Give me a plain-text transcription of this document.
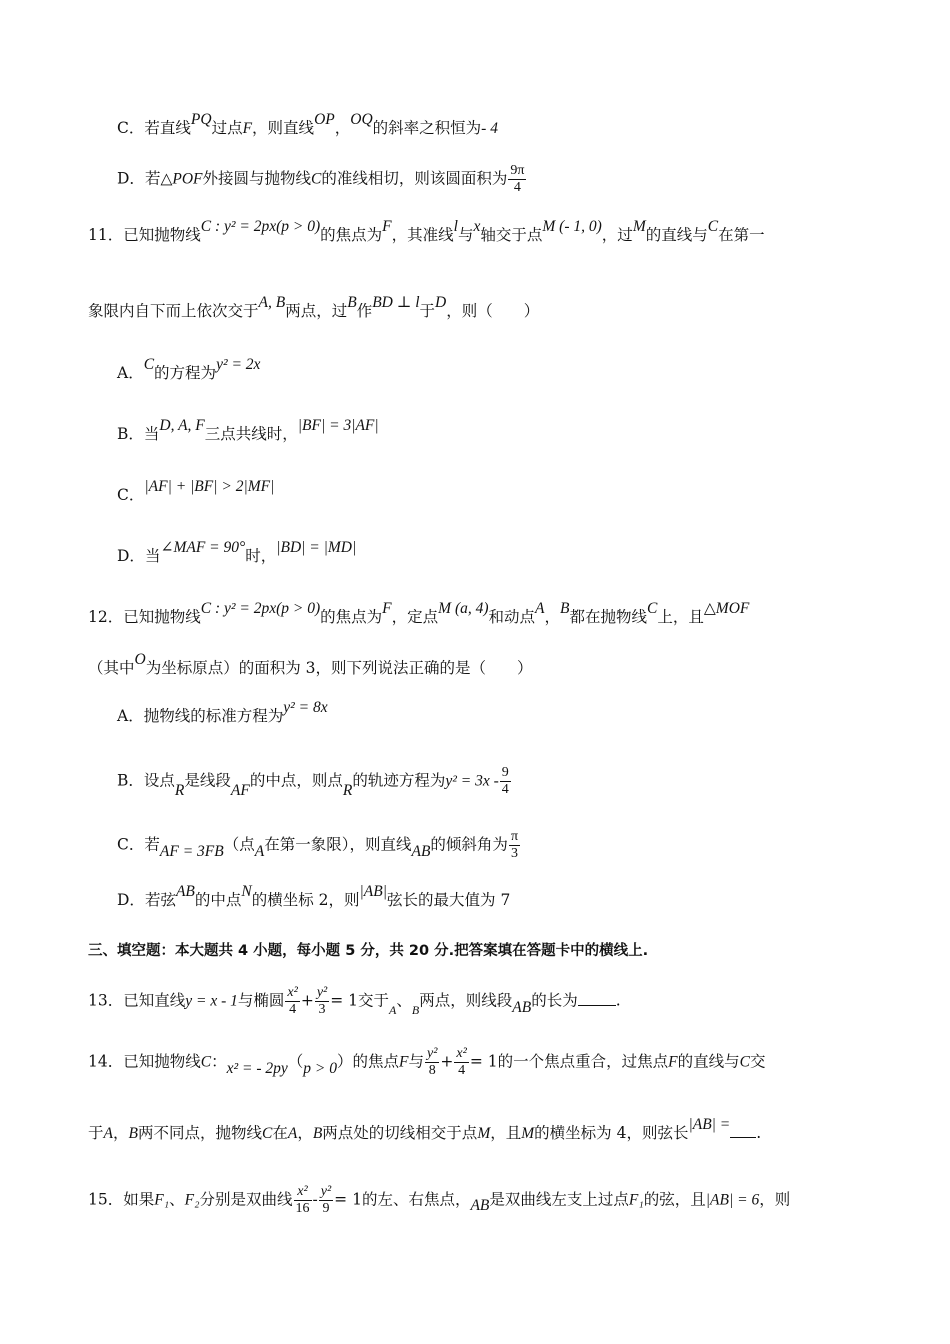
C．若直线PQ过点F，则直线OP，OQ的斜率之积恒为- 4
D．若△POF外接圆与抛物线C的准线相切，则该圆面积为 $\frac{9\pi}{4}$
11．已知抛物线C : y² = 2px(p > 0)的焦点为F，其准线l与x轴交于点M (- 1, 0)，过M的直线与C在第一
象限内自下而上依次交于A, B两点，过B作BD ⊥ l于D，则（　　）
A．C的方程为y² = 2x
B．当D, A, F三点共线时，|BF| = 3|AF|
C．|AF| + |BF| > 2|MF|
D．当∠MAF = 90°时，|BD| = |MD|
12．已知抛物线C : y² = 2px(p > 0)的焦点为F，定点M (a, 4)和动点A，B都在抛物线C上，且△MOF
（其中O为坐标原点）的面积为 3，则下列说法正确的是（　　）
A．抛物线的标准方程为y² = 8x
B．设点R是线段AF的中点，则点R的轨迹方程为$y^2 = 3x - \frac{9}{4}$
C．若AF = 3FB（点A在第一象限），则直线AB的倾斜角为 $\frac{\pi}{3}$
D．若弦AB的中点N的横坐标 2，则|AB|弦长的最大值为 7
三、填空题：本大题共 4 小题，每小题 5 分，共 20 分.把答案填在答题卡中的横线上.
13．已知直线y = x - 1与椭圆 $\frac{\text{x²}}{4} + \frac{\text{y²}}{3} = 1$交于$_A$、$_B$两点，则线段AB的长为 .
14．已知抛物线C：x² = - 2py（p > 0）的焦点F与 $\frac{\text{y²}}{8} + \frac{\text{x²}}{4} = 1$的一个焦点重合，过焦点F的直线与C交
于A，B两不同点，抛物线C在A，B两点处的切线相交于点M，且M的横坐标为 4，则弦长|AB| = .
15．如果F₁、F₂分别是双曲线 $\frac{\text{x²}}{16} - \frac{\text{y²}}{9} = 1$的左、右焦点，AB是双曲线左支上过点F₁的弦，且|AB| = 6，则
